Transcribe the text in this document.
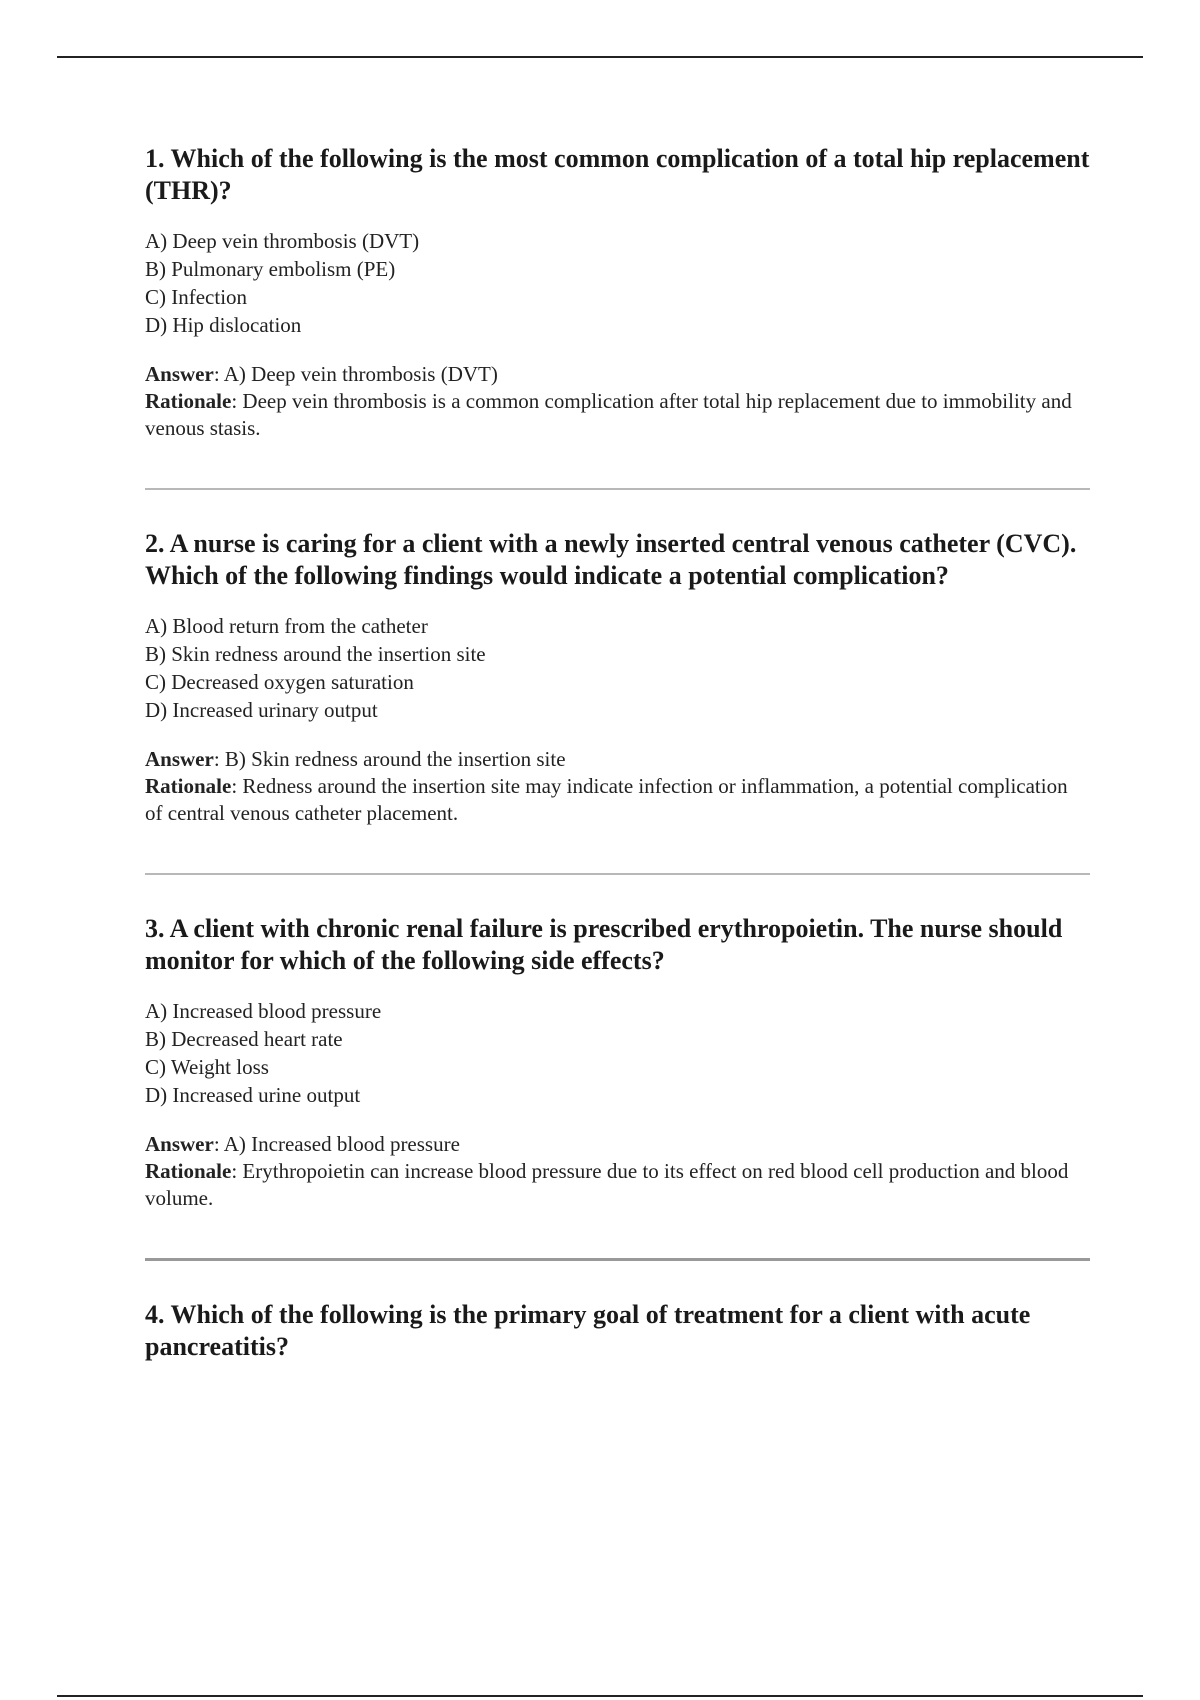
1. Which of the following is the most common complication of a total hip replacement (THR)?

A) Deep vein thrombosis (DVT)
B) Pulmonary embolism (PE)
C) Infection
D) Hip dislocation

Answer: A) Deep vein thrombosis (DVT)

Rationale: Deep vein thrombosis is a common complication after total hip replacement due to immobility and venous stasis.

2. A nurse is caring for a client with a newly inserted central venous catheter (CVC). Which of the following findings would indicate a potential complication?

A) Blood return from the catheter
B) Skin redness around the insertion site
C) Decreased oxygen saturation
D) Increased urinary output

Answer: B) Skin redness around the insertion site

Rationale: Redness around the insertion site may indicate infection or inflammation, a potential complication of central venous catheter placement.

3. A client with chronic renal failure is prescribed erythropoietin. The nurse should monitor for which of the following side effects?

A) Increased blood pressure
B) Decreased heart rate
C) Weight loss
D) Increased urine output

Answer: A) Increased blood pressure

Rationale: Erythropoietin can increase blood pressure due to its effect on red blood cell production and blood volume.

4. Which of the following is the primary goal of treatment for a client with acute pancreatitis?
